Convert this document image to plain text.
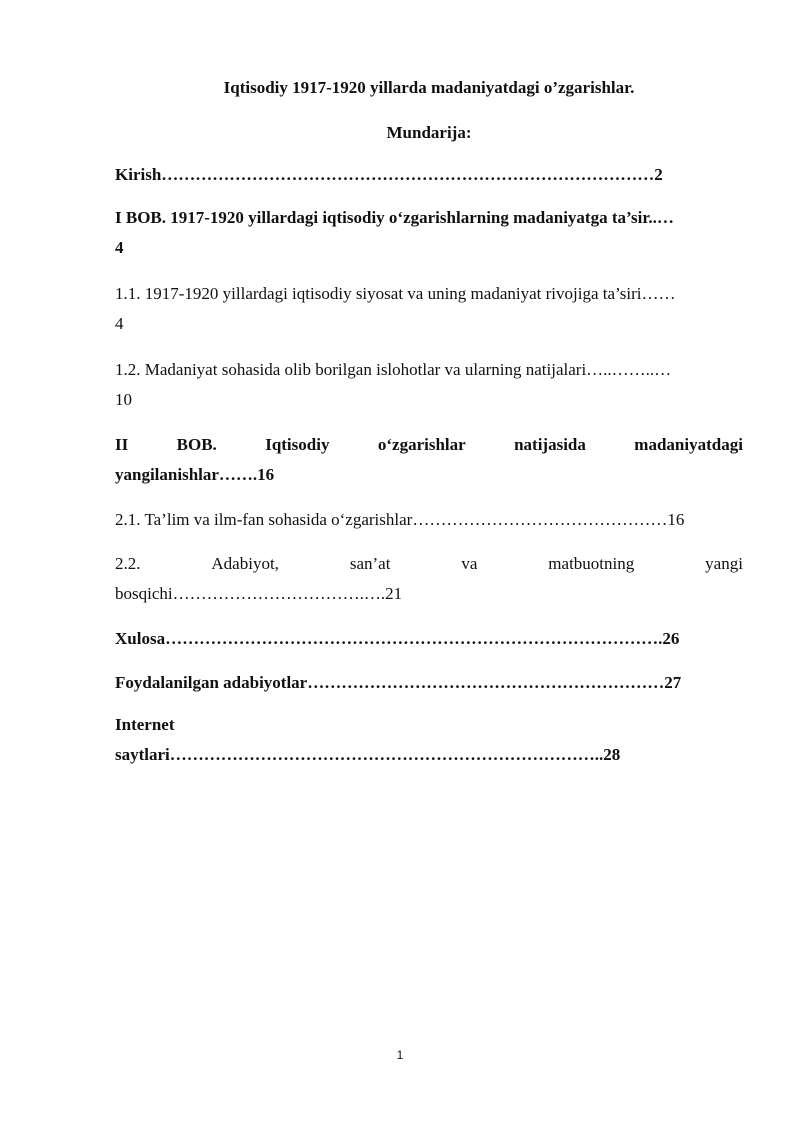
Iqtisodiy 1917-1920 yillarda madaniyatdagi o’zgarishlar.
Mundarija:
Kirish……………………………………………………………………………2
I BOB. 1917-1920 yillardagi iqtisodiy o‘zgarishlarning madaniyatga ta’sir..…
4
1.1. 1917-1920 yillardagi iqtisodiy siyosat va uning madaniyat rivojiga ta’siri……
4
1.2. Madaniyat sohasida olib borilgan islohotlar va ularning natijalari…..……..…
10
II	BOB.	Iqtisodiy	o‘zgarishlar	natijasida	madaniyatdagi
yangilanishlar…….16
2.1. Ta’lim va ilm-fan sohasida o‘zgarishlar………………………………………16
2.2.	Adabiyot,	san’at	va	matbuotning	yangi
bosqichi…………………………….….21
Xulosa…………………………………………………………………………….26
Foydalanilgan adabiyotlar………………………………………………………27
Internet
saytlari…………………………………………………………………..28
1
